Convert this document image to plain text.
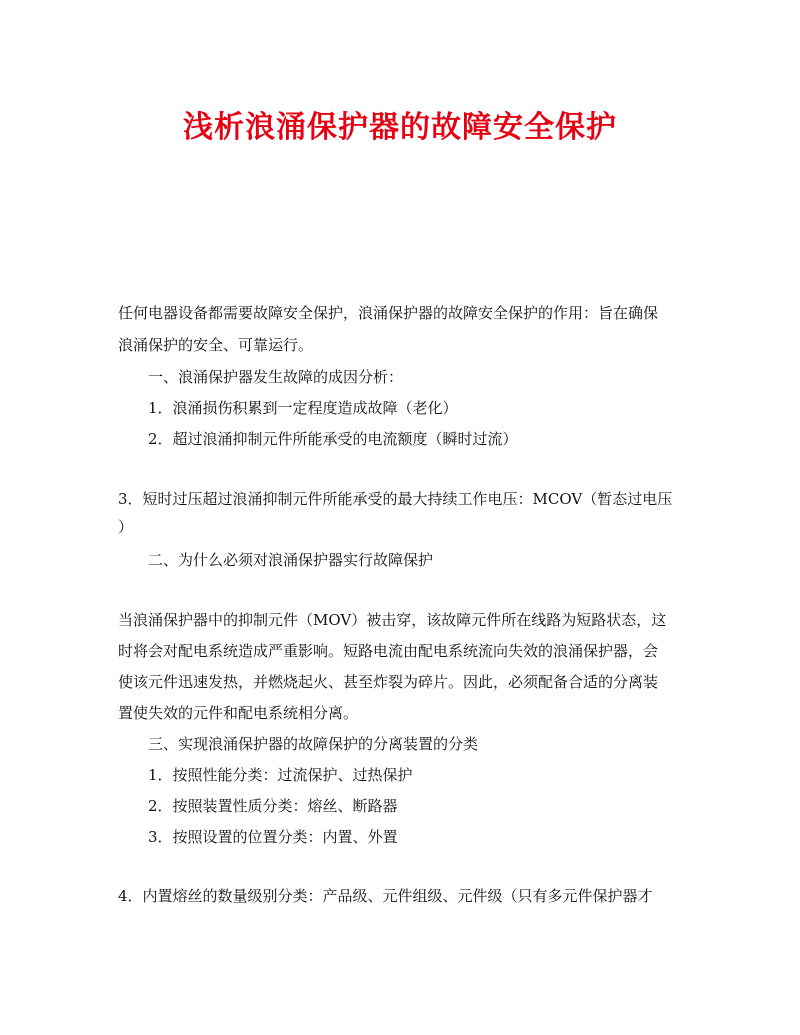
浅析浪涌保护器的故障安全保护
任何电器设备都需要故障安全保护，浪涌保护器的故障安全保护的作用：旨在确保
浪涌保护的安全、可靠运行。
一、浪涌保护器发生故障的成因分析：
1．浪涌损伤积累到一定程度造成故障（老化）
2．超过浪涌抑制元件所能承受的电流额度（瞬时过流）
3．短时过压超过浪涌抑制元件所能承受的最大持续工作电压：MCOV（暂态过电压
）
二、为什么必须对浪涌保护器实行故障保护
当浪涌保护器中的抑制元件（MOV）被击穿，该故障元件所在线路为短路状态，这
时将会对配电系统造成严重影响。短路电流由配电系统流向失效的浪涌保护器，会
使该元件迅速发热，并燃烧起火、甚至炸裂为碎片。因此，必须配备合适的分离装
置使失效的元件和配电系统相分离。
三、实现浪涌保护器的故障保护的分离装置的分类
1．按照性能分类：过流保护、过热保护
2．按照装置性质分类：熔丝、断路器
3．按照设置的位置分类：内置、外置
4．内置熔丝的数量级别分类：产品级、元件组级、元件级（只有多元件保护器才
